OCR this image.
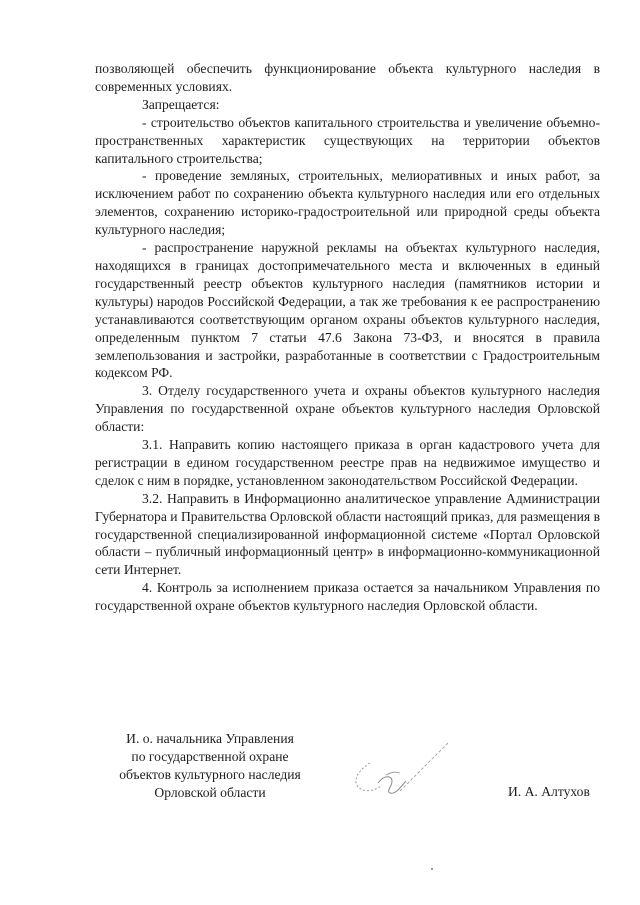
позволяющей обеспечить функционирование объекта культурного наследия в современных условиях.

Запрещается:

- строительство объектов капитального строительства и увеличение объемно-пространственных характеристик существующих на территории объектов капитального строительства;

- проведение земляных, строительных, мелиоративных и иных работ, за исключением работ по сохранению объекта культурного наследия или его отдельных элементов, сохранению историко-градостроительной или природной среды объекта культурного наследия;

- распространение наружной рекламы на объектах культурного наследия, находящихся в границах достопримечательного места и включенных в единый государственный реестр объектов культурного наследия (памятников истории и культуры) народов Российской Федерации, а так же требования к ее распространению устанавливаются соответствующим органом охраны объектов культурного наследия, определенным пунктом 7 статьи 47.6 Закона 73-ФЗ, и вносятся в правила землепользования и застройки, разработанные в соответствии с Градостроительным кодексом РФ.

3. Отделу государственного учета и охраны объектов культурного наследия Управления по государственной охране объектов культурного наследия Орловской области:

3.1. Направить копию настоящего приказа в орган кадастрового учета для регистрации в едином государственном реестре прав на недвижимое имущество и сделок с ним в порядке, установленном законодательством Российской Федерации.

3.2. Направить в Информационно аналитическое управление Администрации Губернатора и Правительства Орловской области настоящий приказ, для размещения в государственной специализированной информационной системе «Портал Орловской области – публичный информационный центр» в информационно-коммуникационной сети Интернет.

4. Контроль за исполнением приказа остается за начальником Управления по государственной охране объектов культурного наследия Орловской области.

И. о. начальника Управления
по государственной охране
объектов культурного наследия
Орловской области	И. А. Алтухов
